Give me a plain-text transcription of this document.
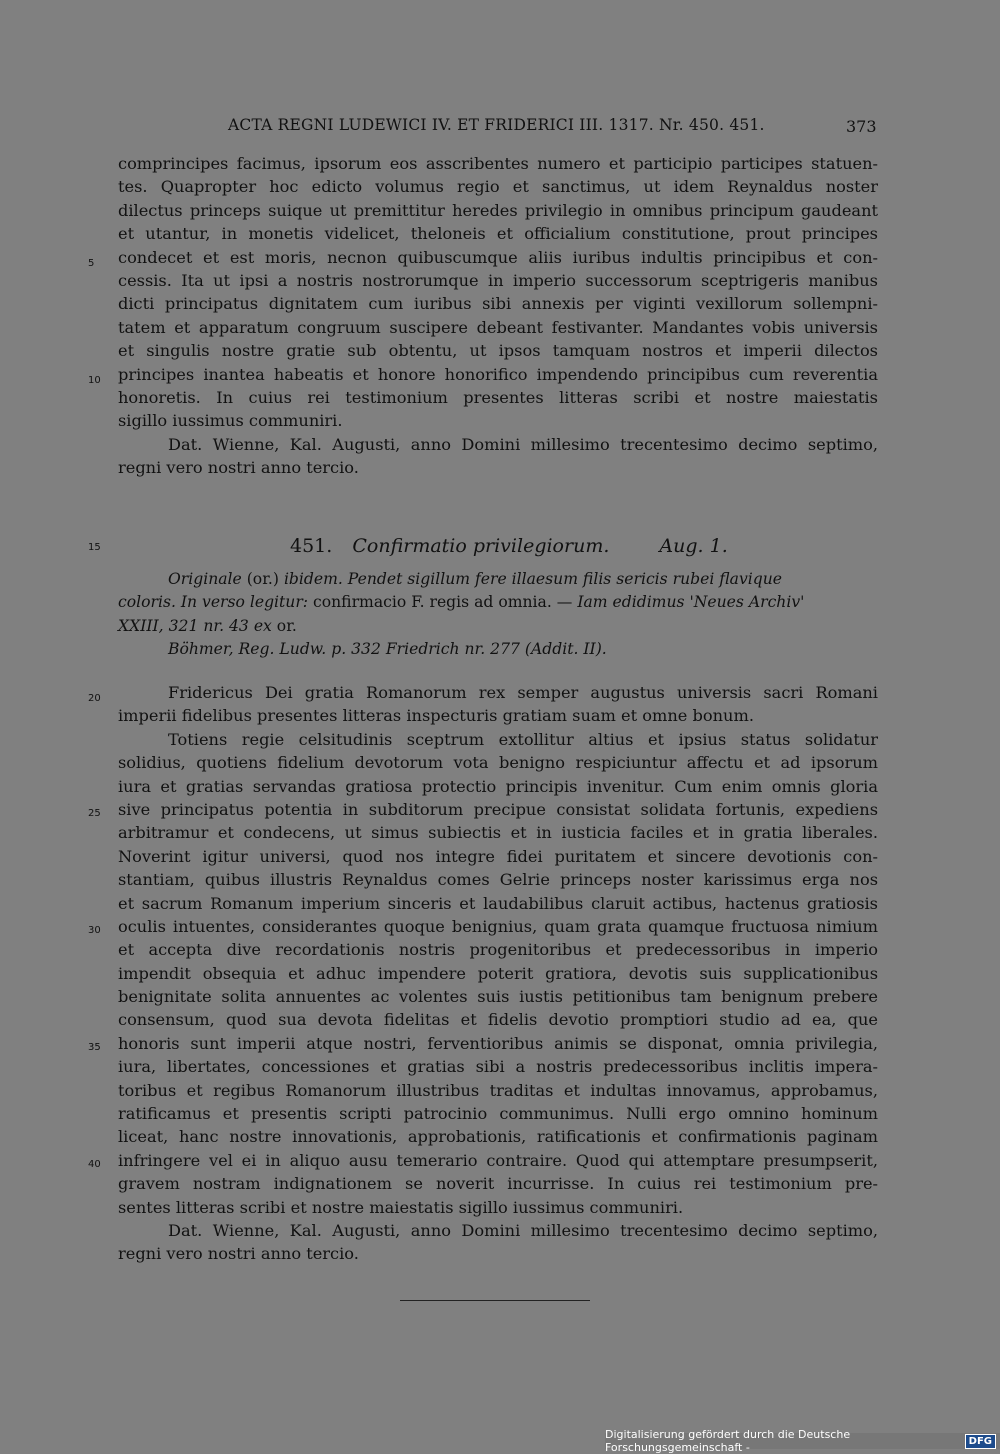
ACTA REGNI LUDEWICI IV. ET FRIDERICI III. 1317. Nr. 450. 451.	373
comprincipes facimus, ipsorum eos asscribentes numero et participio participes statuen-
tes. Quapropter hoc edicto volumus regio et sanctimus, ut idem Reynaldus noster
dilectus princeps suique ut premittitur heredes privilegio in omnibus principum gaudeant
et utantur, in monetis videlicet, theloneis et officialium constitutione, prout principes
condecet et est moris, necnon quibuscumque aliis iuribus indultis principibus et con-
cessis. Ita ut ipsi a nostris nostrorumque in imperio successorum sceptrigeris manibus
dicti principatus dignitatem cum iuribus sibi annexis per viginti vexillorum sollempni-
tatem et apparatum congruum suscipere debeant festivanter. Mandantes vobis universis
et singulis nostre gratie sub obtentu, ut ipsos tamquam nostros et imperii dilectos
principes inantea habeatis et honore honorifico impendendo principibus cum reverentia
honoretis. In cuius rei testimonium presentes litteras scribi et nostre maiestatis
sigillo iussimus communiri.
Dat. Wienne, Kal. Augusti, anno Domini millesimo trecentesimo decimo septimo,
regni vero nostri anno tercio.
5
10
15	451. Confirmatio privilegiorum.	Aug. 1.
Originale (or.) ibidem. Pendet sigillum fere illaesum filis sericis rubei flavique
coloris. In verso legitur: confirmacio F. regis ad omnia. — Iam edidimus 'Neues Archiv'
XXIII, 321 nr. 43 ex or.
Böhmer, Reg. Ludw. p. 332 Friedrich nr. 277 (Addit. II).
20	Fridericus Dei gratia Romanorum rex semper augustus universis sacri Romani
imperii fidelibus presentes litteras inspecturis gratiam suam et omne bonum.
Totiens regie celsitudinis sceptrum extollitur altius et ipsius status solidatur
solidius, quotiens fidelium devotorum vota benigno respiciuntur affectu et ad ipsorum
iura et gratias servandas gratiosa protectio principis invenitur. Cum enim omnis gloria
sive principatus potentia in subditorum precipue consistat solidata fortunis, expediens
arbitramur et condecens, ut simus subiectis et in iusticia faciles et in gratia liberales.
Noverint igitur universi, quod nos integre fidei puritatem et sincere devotionis con-
stantiam, quibus illustris Reynaldus comes Gelrie princeps noster karissimus erga nos
et sacrum Romanum imperium sinceris et laudabilibus claruit actibus, hactenus gratiosis
oculis intuentes, considerantes quoque benignius, quam grata quamque fructuosa nimium
et accepta dive recordationis nostris progenitoribus et predecessoribus in imperio
impendit obsequia et adhuc impendere poterit gratiora, devotis suis supplicationibus
benignitate solita annuentes ac volentes suis iustis petitionibus tam benignum prebere
consensum, quod sua devota fidelitas et fidelis devotio promptiori studio ad ea, que
honoris sunt imperii atque nostri, ferventioribus animis se disponat, omnia privilegia,
iura, libertates, concessiones et gratias sibi a nostris predecessoribus inclitis impera-
toribus et regibus Romanorum illustribus traditas et indultas innovamus, approbamus,
ratificamus et presentis scripti patrocinio communimus. Nulli ergo omnino hominum
liceat, hanc nostre innovationis, approbationis, ratificationis et confirmationis paginam
infringere vel ei in aliquo ausu temerario contraire. Quod qui attemptare presumpserit,
gravem nostram indignationem se noverit incurrisse. In cuius rei testimonium pre-
sentes litteras scribi et nostre maiestatis sigillo iussimus communiri.
Dat. Wienne, Kal. Augusti, anno Domini millesimo trecentesimo decimo septimo,
regni vero nostri anno tercio.
25
30
35
40
Digitalisierung gefördert durch die Deutsche Forschungsgemeinschaft -	DFG
